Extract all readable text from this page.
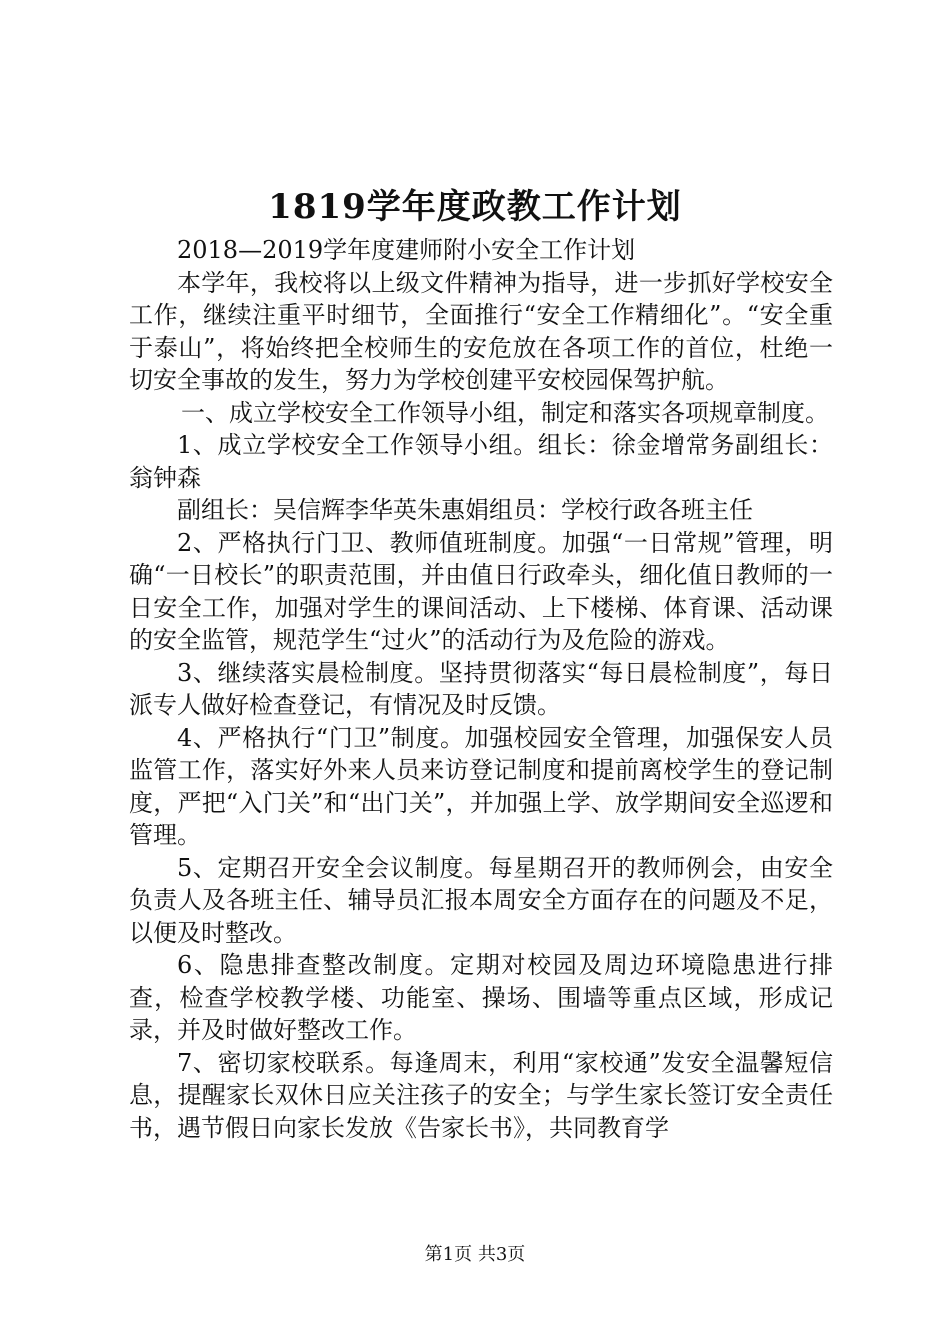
1819学年度政教工作计划

2018—2019学年度建师附小安全工作计划

本学年，我校将以上级文件精神为指导，进一步抓好学校安全工作，继续注重平时细节，全面推行“安全工作精细化”。“安全重于泰山”，将始终把全校师生的安危放在各项工作的首位，杜绝一切安全事故的发生，努力为学校创建平安校园保驾护航。

一、成立学校安全工作领导小组，制定和落实各项规章制度。

1、成立学校安全工作领导小组。组长：徐金增常务副组长：翁钟森

副组长：吴信辉李华英朱惠娟组员：学校行政各班主任

2、严格执行门卫、教师值班制度。加强“一日常规”管理，明确“一日校长”的职责范围，并由值日行政牵头，细化值日教师的一日安全工作，加强对学生的课间活动、上下楼梯、体育课、活动课的安全监管，规范学生“过火”的活动行为及危险的游戏。

3、继续落实晨检制度。坚持贯彻落实“每日晨检制度”，每日派专人做好检查登记，有情况及时反馈。

4、严格执行“门卫”制度。加强校园安全管理，加强保安人员监管工作，落实好外来人员来访登记制度和提前离校学生的登记制度，严把“入门关”和“出门关”，并加强上学、放学期间安全巡逻和管理。

5、定期召开安全会议制度。每星期召开的教师例会，由安全负责人及各班主任、辅导员汇报本周安全方面存在的问题及不足，以便及时整改。

6、隐患排查整改制度。定期对校园及周边环境隐患进行排查，检查学校教学楼、功能室、操场、围墙等重点区域，形成记录，并及时做好整改工作。

7、密切家校联系。每逢周末，利用“家校通”发安全温馨短信息，提醒家长双休日应关注孩子的安全；与学生家长签订安全责任书，遇节假日向家长发放《告家长书》，共同教育学

第1页 共3页
